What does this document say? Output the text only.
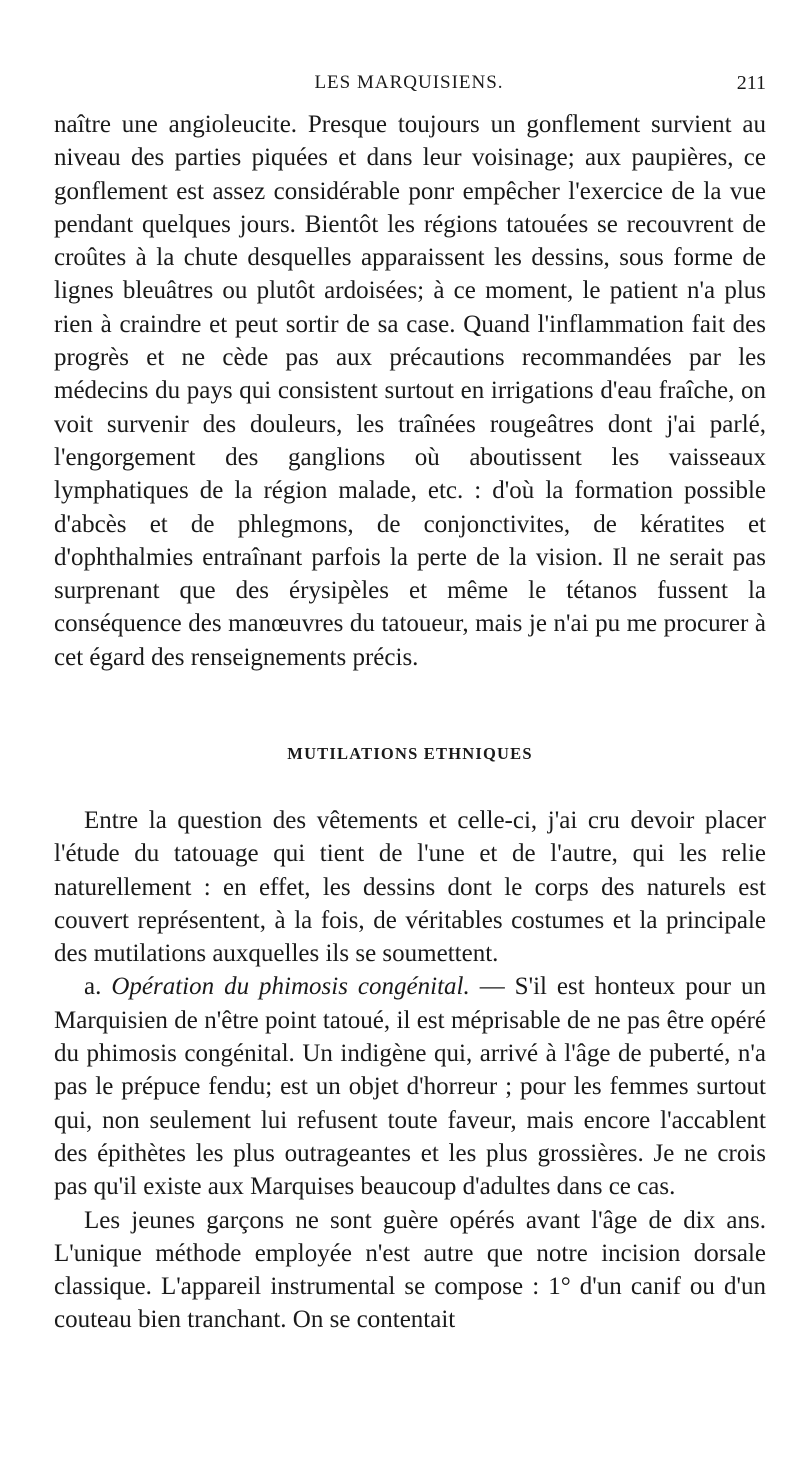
LES MARQUISIENS.	211

naître une angioleucite. Presque toujours un gonflement survient au niveau des parties piquées et dans leur voisinage; aux paupières, ce gonflement est assez considérable ponr empêcher l'exercice de la vue pendant quelques jours. Bientôt les régions tatouées se recouvrent de croûtes à la chute desquelles apparaissent les dessins, sous forme de lignes bleuâtres ou plutôt ardoisées; à ce moment, le patient n'a plus rien à craindre et peut sortir de sa case. Quand l'inflammation fait des progrès et ne cède pas aux précautions recommandées par les médecins du pays qui consistent surtout en irrigations d'eau fraîche, on voit survenir des douleurs, les traînées rougeâtres dont j'ai parlé, l'engorgement des ganglions où aboutissent les vaisseaux lymphatiques de la région malade, etc. : d'où la formation possible d'abcès et de phlegmons, de conjonctivites, de kératites et d'ophthalmies entraînant parfois la perte de la vision. Il ne serait pas surprenant que des érysipèles et même le tétanos fussent la conséquence des manœuvres du tatoueur, mais je n'ai pu me procurer à cet égard des renseignements précis.

MUTILATIONS ETHNIQUES

Entre la question des vêtements et celle-ci, j'ai cru devoir placer l'étude du tatouage qui tient de l'une et de l'autre, qui les relie naturellement : en effet, les dessins dont le corps des naturels est couvert représentent, à la fois, de véritables costumes et la principale des mutilations auxquelles ils se soumettent.

a. Opération du phimosis congénital. — S'il est honteux pour un Marquisien de n'être point tatoué, il est méprisable de ne pas être opéré du phimosis congénital. Un indigène qui, arrivé à l'âge de puberté, n'a pas le prépuce fendu; est un objet d'horreur ; pour les femmes surtout qui, non seulement lui refusent toute faveur, mais encore l'accablent des épithètes les plus outrageantes et les plus grossières. Je ne crois pas qu'il existe aux Marquises beaucoup d'adultes dans ce cas.

Les jeunes garçons ne sont guère opérés avant l'âge de dix ans. L'unique méthode employée n'est autre que notre incision dorsale classique. L'appareil instrumental se compose : 1° d'un canif ou d'un couteau bien tranchant. On se contentait
